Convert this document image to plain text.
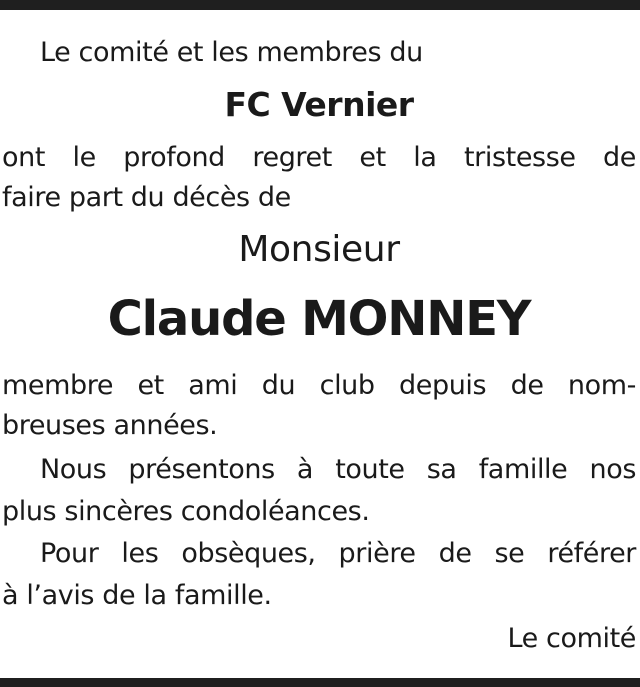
Le comité et les membres du
FC Vernier
ont le profond regret et la tristesse de
faire part du décès de
Monsieur
Claude MONNEY
membre et ami du club depuis de nom-
breuses années.
Nous présentons à toute sa famille nos
plus sincères condoléances.
Pour les obsèques, prière de se référer
à l’avis de la famille.
Le comité
